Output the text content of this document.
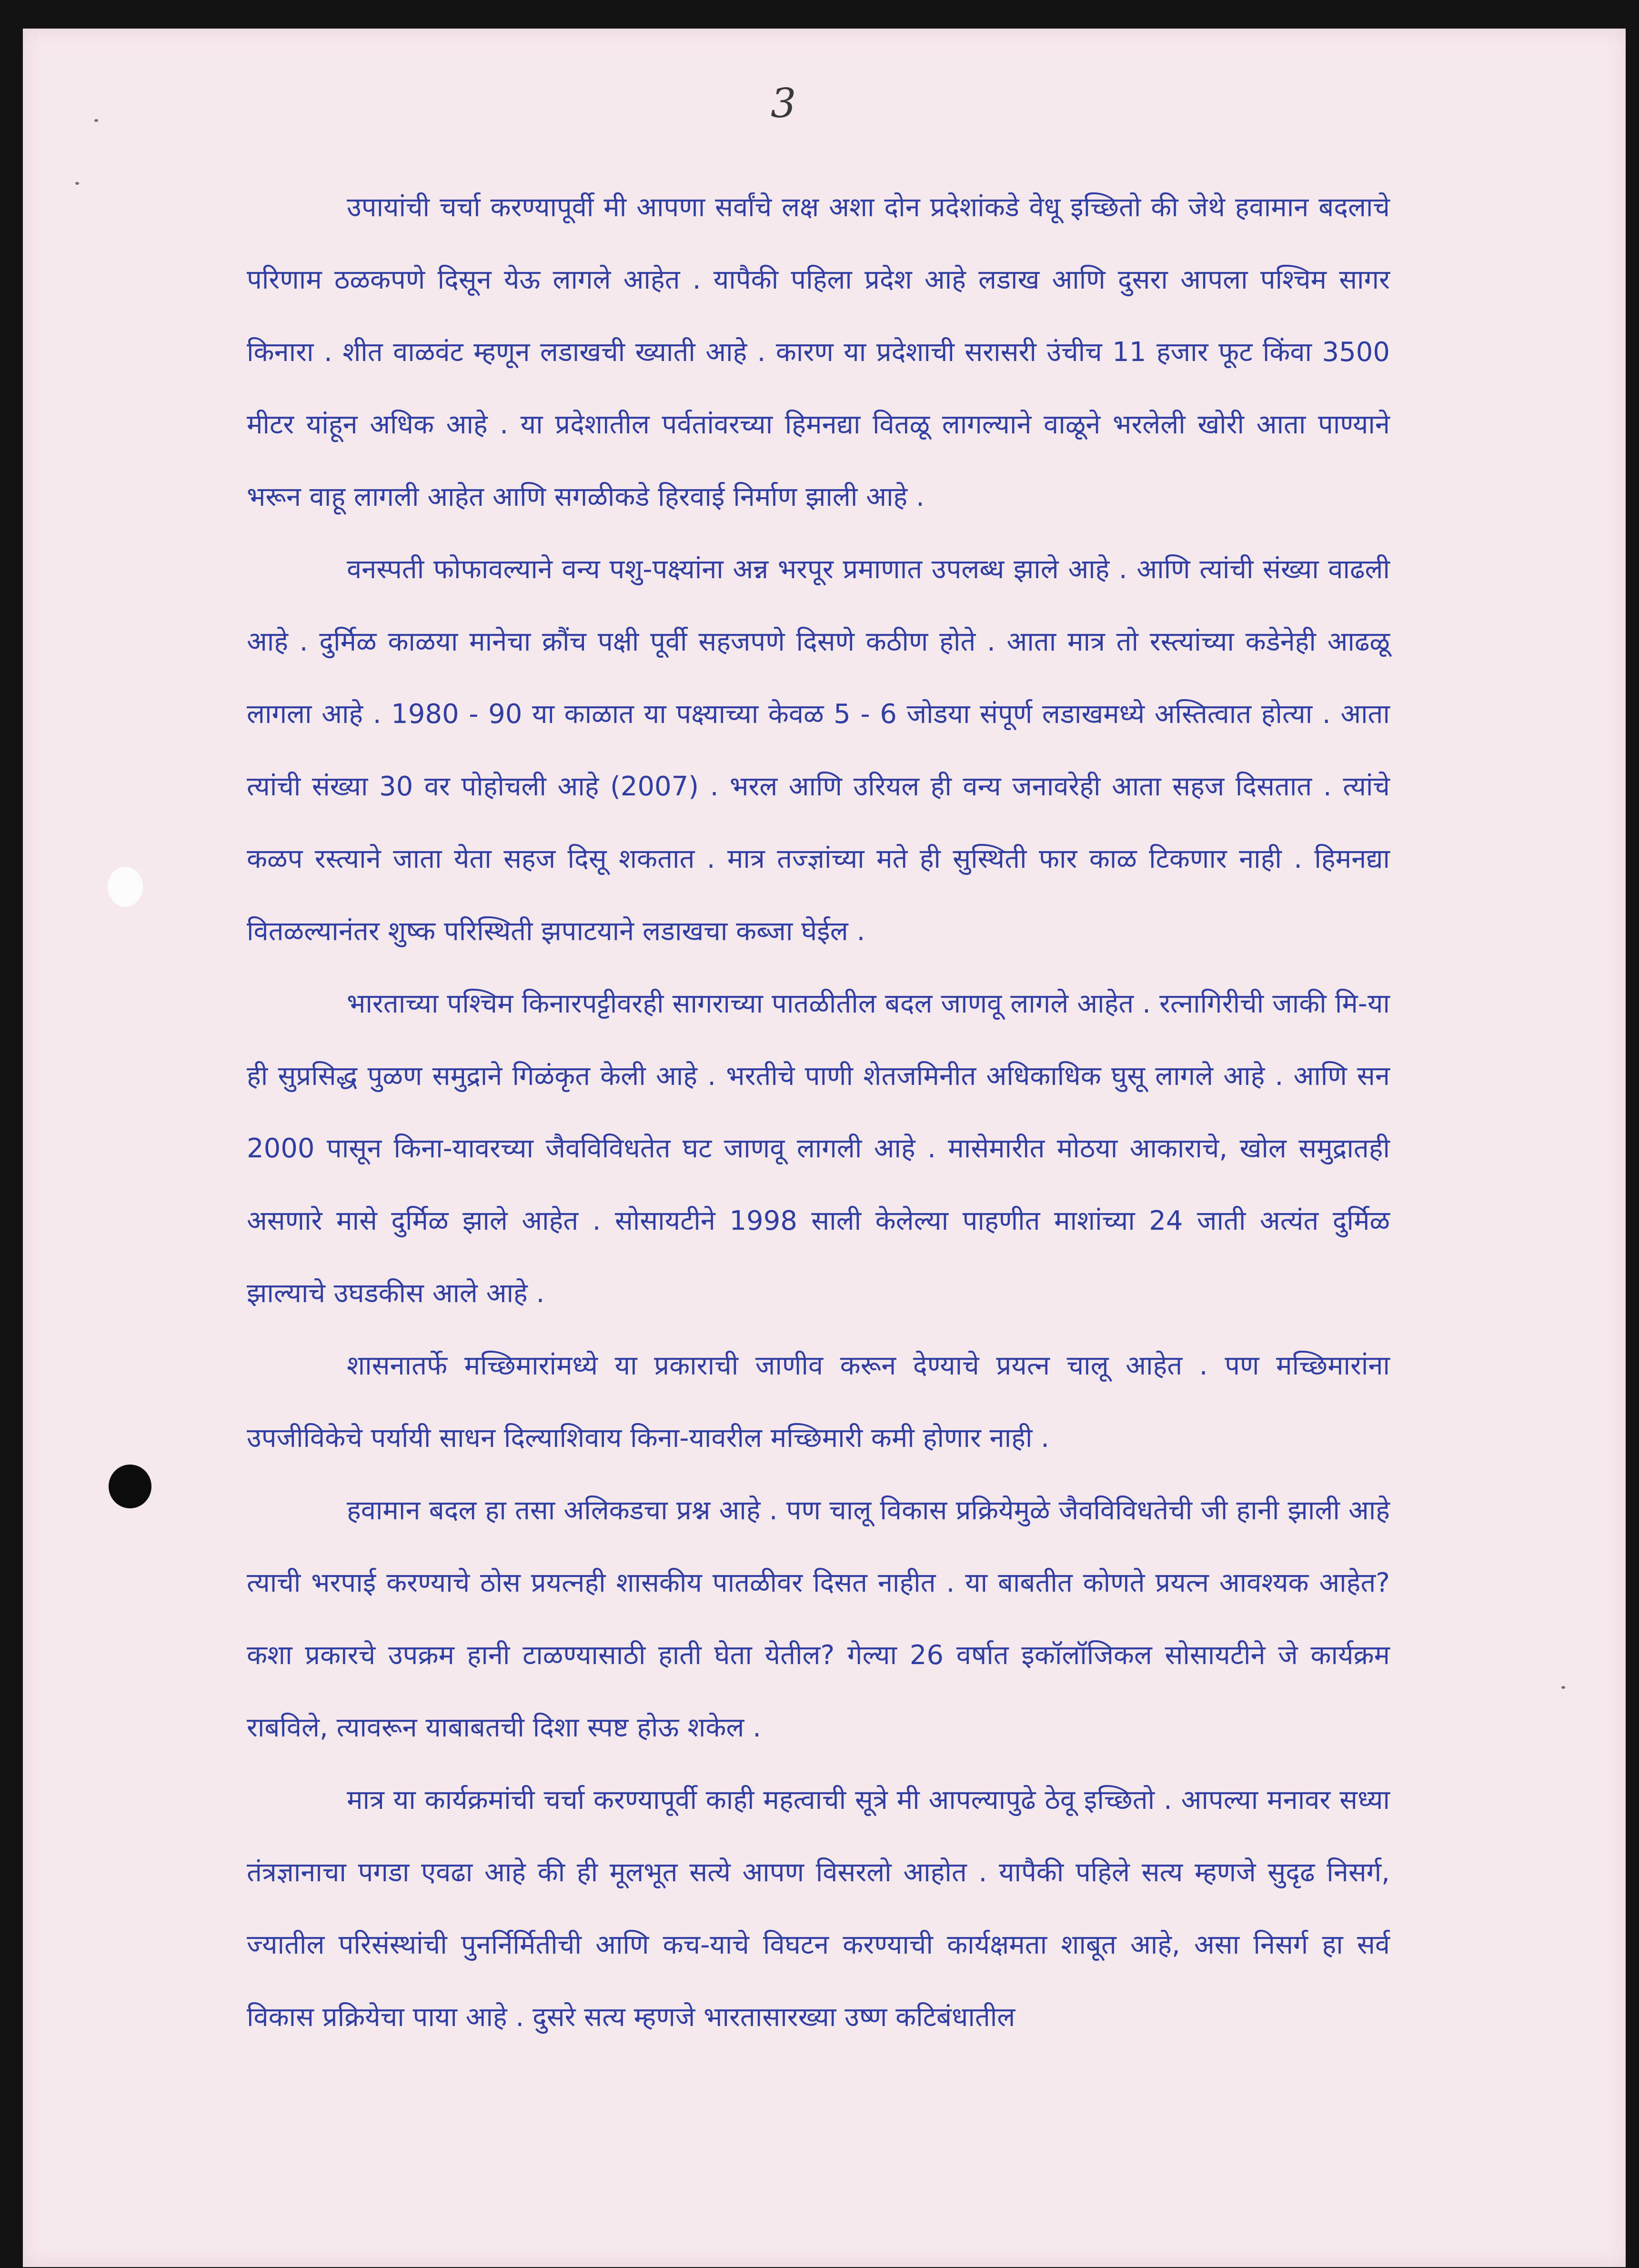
3

उपायांची चर्चा करण्यापूर्वी मी आपणा सर्वांचे लक्ष अशा दोन प्रदेशांकडे वेधू इच्छितो की जेथे हवामान बदलाचे परिणाम ठळकपणे दिसून येऊ लागले आहेत . यापैकी पहिला प्रदेश आहे लडाख आणि दुसरा आपला पश्चिम सागर किनारा . शीत वाळवंट म्हणून लडाखची ख्याती आहे . कारण या प्रदेशाची सरासरी उंचीच 11 हजार फूट किंवा 3500 मीटर यांहून अधिक आहे . या प्रदेशातील पर्वतांवरच्या हिमनद्या वितळू लागल्याने वाळूने भरलेली खोरी आता पाण्याने भरून वाहू लागली आहेत आणि सगळीकडे हिरवाई निर्माण झाली आहे .

वनस्पती फोफावल्याने वन्य पशु-पक्ष्यांना अन्न भरपूर प्रमाणात उपलब्ध झाले आहे . आणि त्यांची संख्या वाढली आहे . दुर्मिळ काळया मानेचा क्रौंच पक्षी पूर्वी सहजपणे दिसणे कठीण होते . आता मात्र तो रस्त्यांच्या कडेनेही आढळू लागला आहे . 1980 - 90 या काळात या पक्ष्याच्या केवळ 5 - 6 जोडया संपूर्ण लडाखमध्ये अस्तित्वात होत्या . आता त्यांची संख्या 30 वर पोहोचली आहे (2007) . भरल आणि उरियल ही वन्य जनावरेही आता सहज दिसतात . त्यांचे कळप रस्त्याने जाता येता सहज दिसू शकतात . मात्र तज्ज्ञांच्या मते ही सुस्थिती फार काळ टिकणार नाही . हिमनद्या वितळल्यानंतर शुष्क परिस्थिती झपाटयाने लडाखचा कब्जा घेईल .

भारताच्या पश्चिम किनारपट्टीवरही सागराच्या पातळीतील बदल जाणवू लागले आहेत . रत्नागिरीची जाकी मि-या ही सुप्रसिद्ध पुळण समुद्राने गिळंकृत केली आहे . भरतीचे पाणी शेतजमिनीत अधिकाधिक घुसू लागले आहे . आणि सन 2000 पासून किना-यावरच्या जैवविविधतेत घट जाणवू लागली आहे . मासेमारीत मोठया आकाराचे, खोल समुद्रातही असणारे मासे दुर्मिळ झाले आहेत . सोसायटीने 1998 साली केलेल्या पाहणीत माशांच्या 24 जाती अत्यंत दुर्मिळ झाल्याचे उघडकीस आले आहे .

शासनातर्फे मच्छिमारांमध्ये या प्रकाराची जाणीव करून देण्याचे प्रयत्न चालू आहेत . पण मच्छिमारांना उपजीविकेचे पर्यायी साधन दिल्याशिवाय किना-यावरील मच्छिमारी कमी होणार नाही .

हवामान बदल हा तसा अलिकडचा प्रश्न आहे . पण चालू विकास प्रक्रियेमुळे जैवविविधतेची जी हानी झाली आहे त्याची भरपाई करण्याचे ठोस प्रयत्नही शासकीय पातळीवर दिसत नाहीत . या बाबतीत कोणते प्रयत्न आवश्यक आहेत? कशा प्रकारचे उपक्रम हानी टाळण्यासाठी हाती घेता येतील? गेल्या 26 वर्षात इकॉलॉजिकल सोसायटीने जे कार्यक्रम राबविले, त्यावरून याबाबतची दिशा स्पष्ट होऊ शकेल .

मात्र या कार्यक्रमांची चर्चा करण्यापूर्वी काही महत्वाची सूत्रे मी आपल्यापुढे ठेवू इच्छितो . आपल्या मनावर सध्या तंत्रज्ञानाचा पगडा एवढा आहे की ही मूलभूत सत्ये आपण विसरलो आहोत . यापैकी पहिले सत्य म्हणजे सुदृढ निसर्ग, ज्यातील परिसंस्थांची पुनर्निर्मितीची आणि कच-याचे विघटन करण्याची कार्यक्षमता शाबूत आहे, असा निसर्ग हा सर्व विकास प्रक्रियेचा पाया आहे . दुसरे सत्य म्हणजे भारतासारख्या उष्ण कटिबंधातील
